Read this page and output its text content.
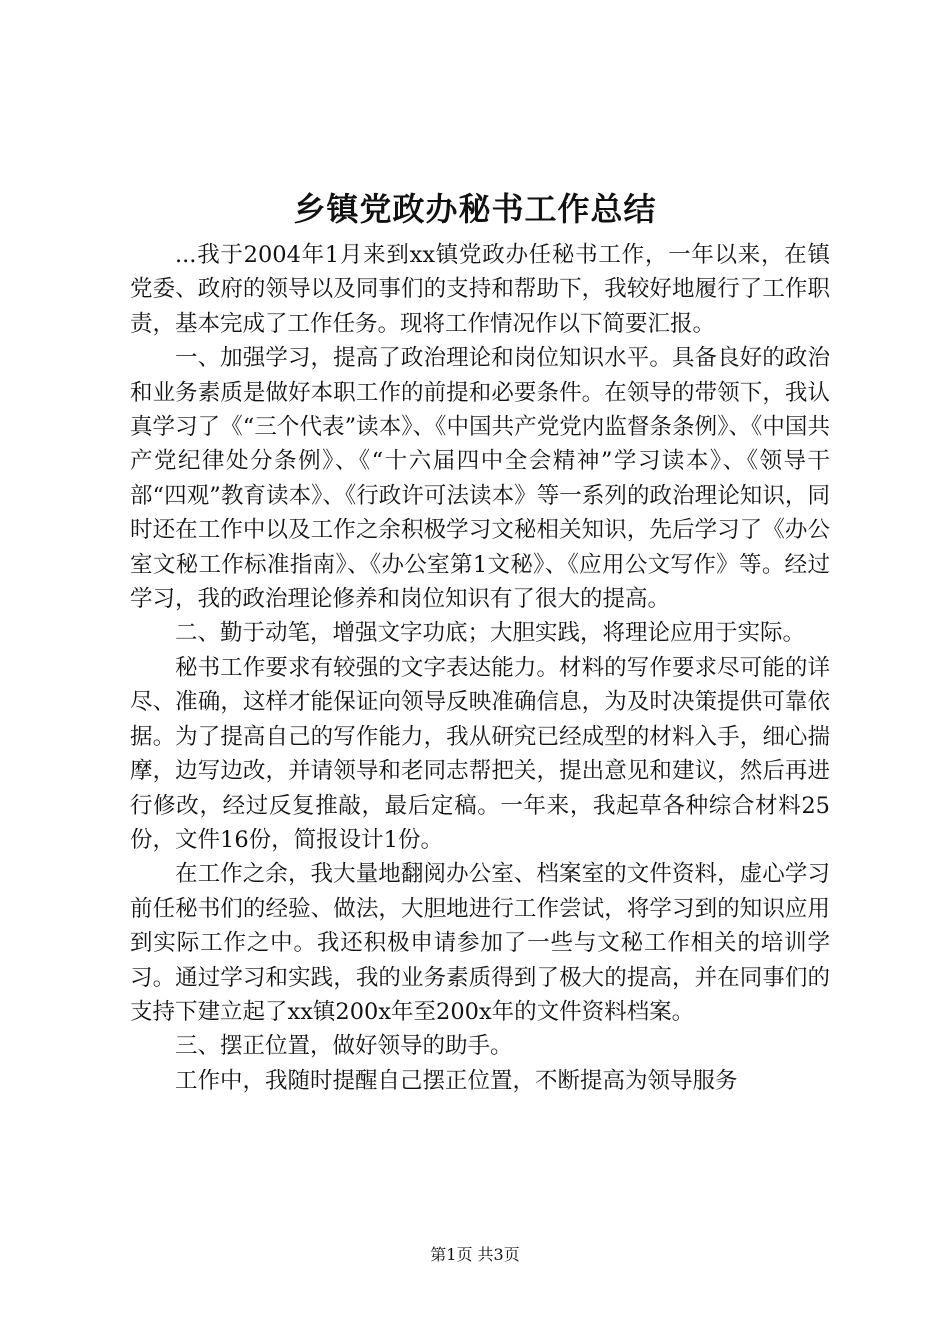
乡镇党政办秘书工作总结

...我于2004年1月来到xx镇党政办任秘书工作，一年以来，在镇党委、政府的领导以及同事们的支持和帮助下，我较好地履行了工作职责，基本完成了工作任务。现将工作情况作以下简要汇报。

一、加强学习，提高了政治理论和岗位知识水平。具备良好的政治和业务素质是做好本职工作的前提和必要条件。在领导的带领下，我认真学习了《“三个代表”读本》、《中国共产党党内监督条条例》、《中国共产党纪律处分条例》、《“十六届四中全会精神”学习读本》、《领导干部“四观”教育读本》、《行政许可法读本》等一系列的政治理论知识，同时还在工作中以及工作之余积极学习文秘相关知识，先后学习了《办公室文秘工作标准指南》、《办公室第1文秘》、《应用公文写作》等。经过学习，我的政治理论修养和岗位知识有了很大的提高。

二、勤于动笔，增强文字功底；大胆实践，将理论应用于实际。

秘书工作要求有较强的文字表达能力。材料的写作要求尽可能的详尽、准确，这样才能保证向领导反映准确信息，为及时决策提供可靠依据。为了提高自己的写作能力，我从研究已经成型的材料入手，细心揣摩，边写边改，并请领导和老同志帮把关，提出意见和建议，然后再进行修改，经过反复推敲，最后定稿。一年来，我起草各种综合材料25份，文件16份，简报设计1份。

在工作之余，我大量地翻阅办公室、档案室的文件资料，虚心学习前任秘书们的经验、做法，大胆地进行工作尝试，将学习到的知识应用到实际工作之中。我还积极申请参加了一些与文秘工作相关的培训学习。通过学习和实践，我的业务素质得到了极大的提高，并在同事们的支持下建立起了xx镇200x年至200x年的文件资料档案。

三、摆正位置，做好领导的助手。

工作中，我随时提醒自己摆正位置，不断提高为领导服务

第1页 共3页
